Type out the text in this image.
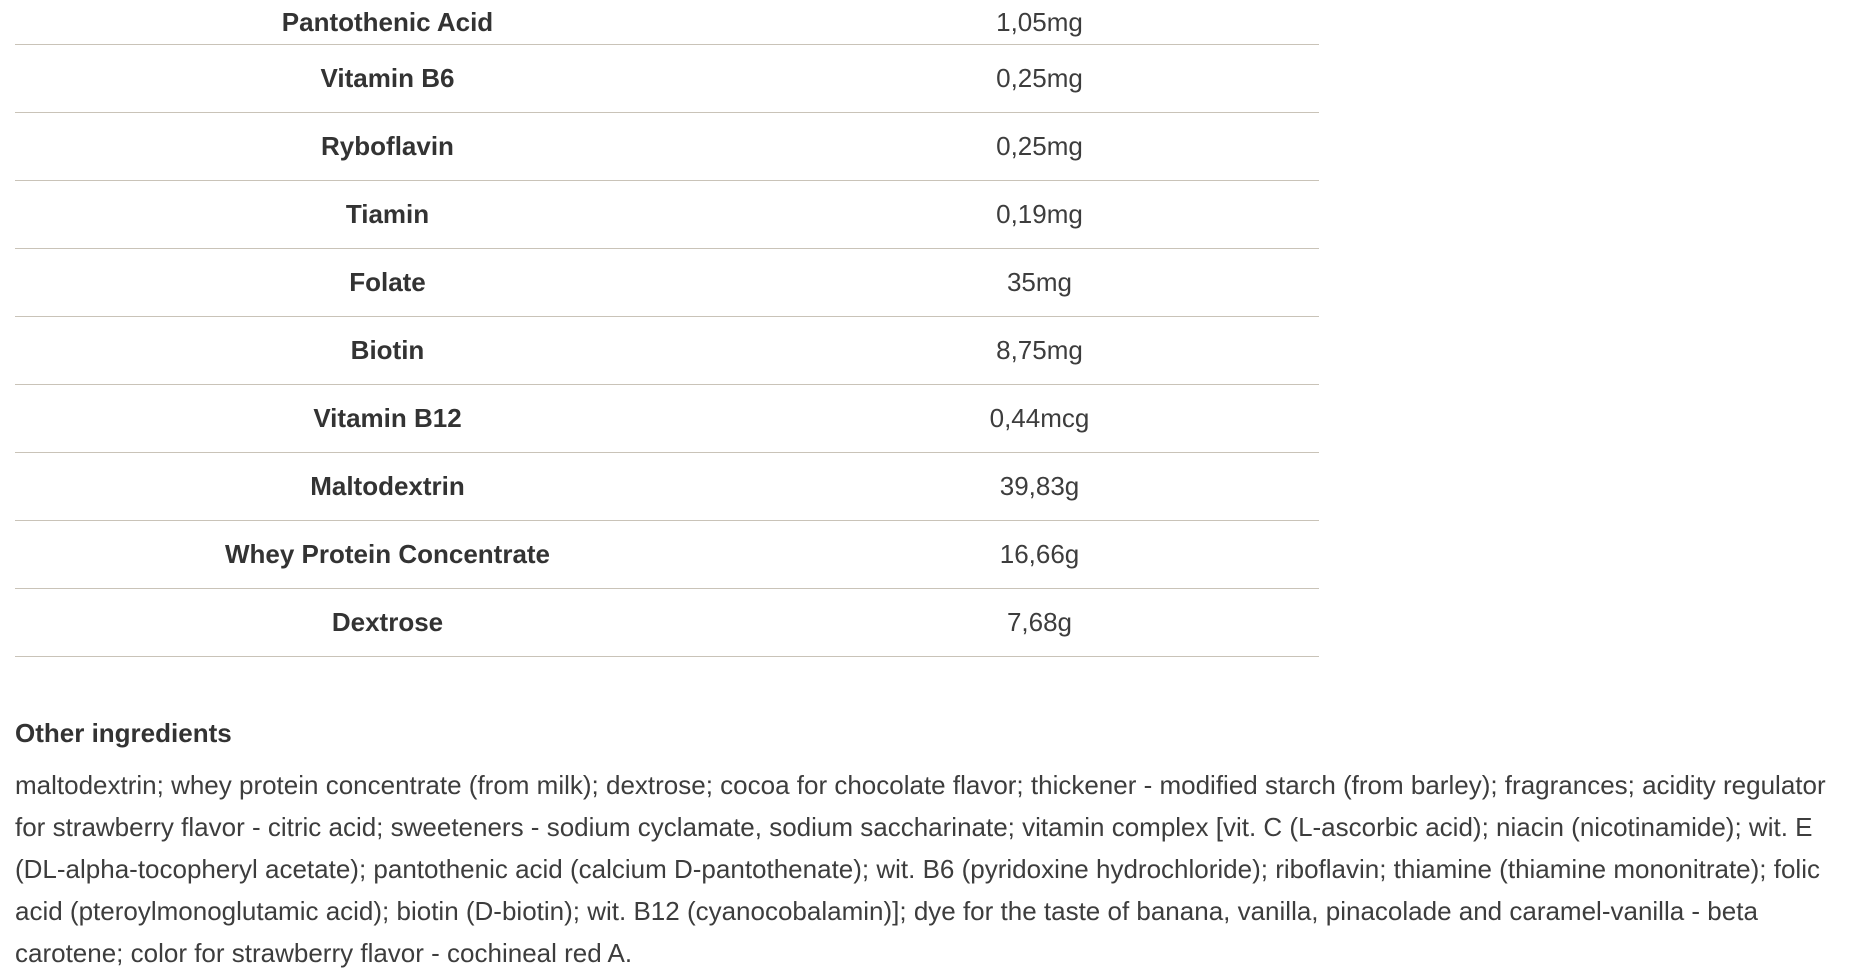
Pantothenic Acid	1,05mg
Vitamin B6	0,25mg
Ryboflavin	0,25mg
Tiamin	0,19mg
Folate	35mg
Biotin	8,75mg
Vitamin B12	0,44mcg
Maltodextrin	39,83g
Whey Protein Concentrate	16,66g
Dextrose	7,68g
Other ingredients

maltodextrin; whey protein concentrate (from milk); dextrose; cocoa for chocolate flavor; thickener - modified starch (from barley); fragrances; acidity regulator for strawberry flavor - citric acid; sweeteners - sodium cyclamate, sodium saccharinate; vitamin complex [vit. C (L-ascorbic acid); niacin (nicotinamide); wit. E (DL-alpha-tocopheryl acetate); pantothenic acid (calcium D-pantothenate); wit. B6 (pyridoxine hydrochloride); riboflavin; thiamine (thiamine mononitrate); folic acid (pteroylmonoglutamic acid); biotin (D-biotin); wit. B12 (cyanocobalamin)]; dye for the taste of banana, vanilla, pinacolade and caramel-vanilla - beta carotene; color for strawberry flavor - cochineal red A.
